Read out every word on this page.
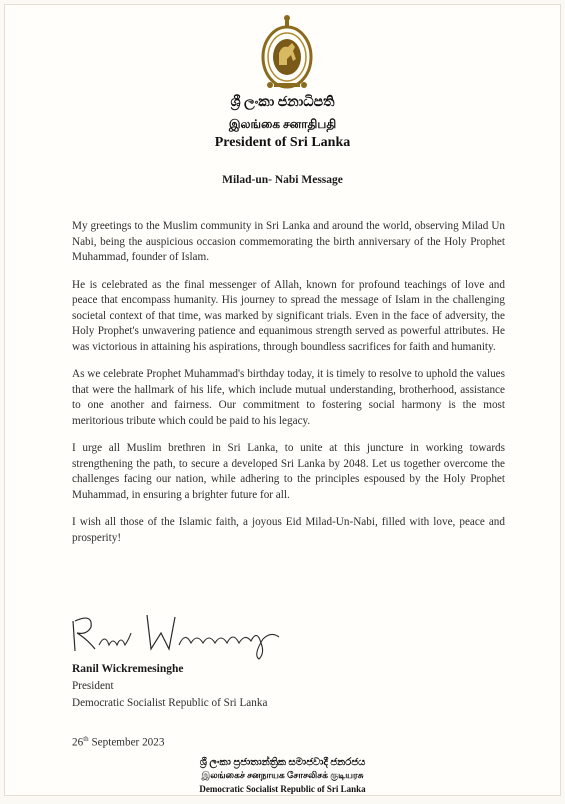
ශ්‍රී ලංකා ජනාධිපති
இலங்கை சனாதிபதி
President of Sri Lanka
Milad-un- Nabi Message

My greetings to the Muslim community in Sri Lanka and around the world, observing Milad Un Nabi, being the auspicious occasion commemorating the birth anniversary of the Holy Prophet Muhammad, founder of Islam.

He is celebrated as the final messenger of Allah, known for profound teachings of love and peace that encompass humanity. His journey to spread the message of Islam in the challenging societal context of that time, was marked by significant trials. Even in the face of adversity, the Holy Prophet's unwavering patience and equanimous strength served as powerful attributes. He was victorious in attaining his aspirations, through boundless sacrifices for faith and humanity.

As we celebrate Prophet Muhammad's birthday today, it is timely to resolve to uphold the values that were the hallmark of his life, which include mutual understanding, brotherhood, assistance to one another and fairness. Our commitment to fostering social harmony is the most meritorious tribute which could be paid to his legacy.

I urge all Muslim brethren in Sri Lanka, to unite at this juncture in working towards strengthening the path, to secure a developed Sri Lanka by 2048. Let us together overcome the challenges facing our nation, while adhering to the principles espoused by the Holy Prophet Muhammad, in ensuring a brighter future for all.

I wish all those of the Islamic faith, a joyous Eid Milad-Un-Nabi, filled with love, peace and prosperity!

Ranil Wickremesinghe
President
Democratic Socialist Republic of Sri Lanka
26th September 2023
ශ්‍රී ලංකා ප්‍රජාතාන්ත්‍රික සමාජවාදී ජනරජය
இலங்கைச் சனநாயக சோசலிசக் குடியரசு
Democratic Socialist Republic of Sri Lanka
